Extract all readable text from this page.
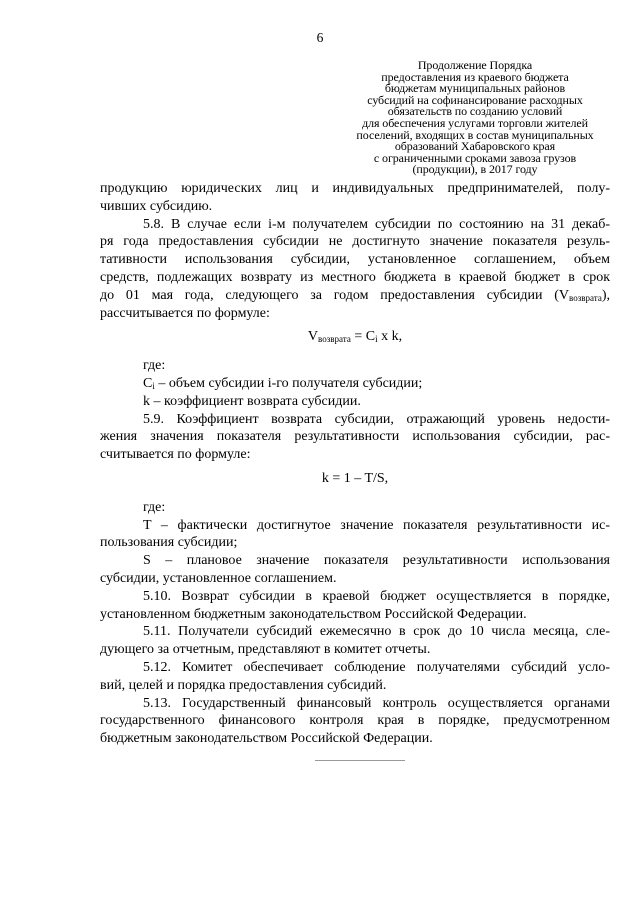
6
Продолжение Порядка
предоставления из краевого бюджета
бюджетам муниципальных районов
субсидий на софинансирование расходных
обязательств по созданию условий
для обеспечения услугами торговли жителей
поселений, входящих в состав муниципальных
образований Хабаровского края
с ограниченными сроками завоза грузов
(продукции), в 2017 году
продукцию юридических лиц и индивидуальных предпринимателей, полу-
чивших субсидию.
5.8. В случае если i-м получателем субсидии по состоянию на 31 декаб-
ря года предоставления субсидии не достигнуто значение показателя резуль-
тативности использования субсидии, установленное соглашением, объем
средств, подлежащих возврату из местного бюджета в краевой бюджет в срок
до 01 мая года, следующего за годом предоставления субсидии $(V_{возврата})$,
рассчитывается по формуле:
$V_{возврата} = C_i$ x k,
где:
$C_i$ – объем субсидии i-го получателя субсидии;
k – коэффициент возврата субсидии.
5.9. Коэффициент возврата субсидии, отражающий уровень недости-
жения значения показателя результативности использования субсидии, рас-
считывается по формуле:
k = 1 – T/S,
где:
T – фактически достигнутое значение показателя результативности ис-
пользования субсидии;
S – плановое значение показателя результативности использования
субсидии, установленное соглашением.
5.10. Возврат субсидии в краевой бюджет осуществляется в порядке,
установленном бюджетным законодательством Российской Федерации.
5.11. Получатели субсидий ежемесячно в срок до 10 числа месяца, сле-
дующего за отчетным, представляют в комитет отчеты.
5.12. Комитет обеспечивает соблюдение получателями субсидий усло-
вий, целей и порядка предоставления субсидий.
5.13. Государственный финансовый контроль осуществляется органами
государственного финансового контроля края в порядке, предусмотренном
бюджетным законодательством Российской Федерации.
